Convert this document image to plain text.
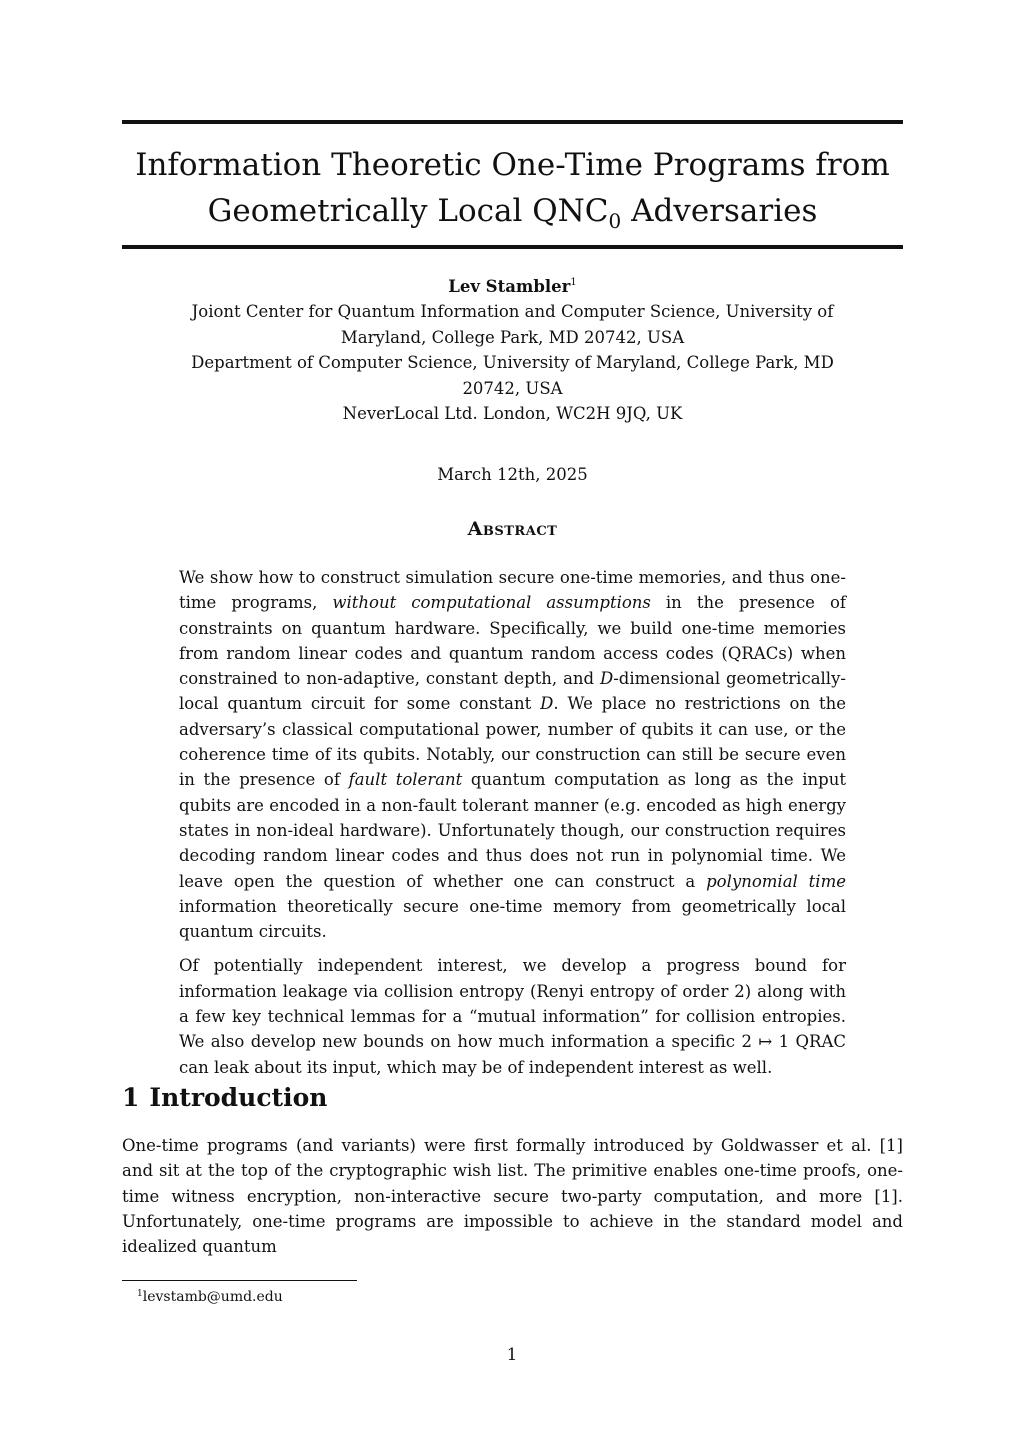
Information Theoretic One-Time Programs from
Geometrically Local $QNC_0$ Adversaries
Lev Stambler$^1$
Joiont Center for Quantum Information and Computer Science, University of Maryland, College Park, MD 20742, USA
Department of Computer Science, University of Maryland, College Park, MD 20742, USA
NeverLocal Ltd. London, WC2H 9JQ, UK
March 12th, 2025
Abstract

We show how to construct simulation secure one-time memories, and thus one-time programs, without computational assumptions in the presence of constraints on quantum hardware. Specifically, we build one-time memories from random linear codes and quantum random access codes (QRACs) when constrained to non-adaptive, constant depth, and D-dimensional geometrically-local quantum circuit for some constant D. We place no restrictions on the adversary’s classical computational power, number of qubits it can use, or the coherence time of its qubits. Notably, our construction can still be secure even in the presence of fault tolerant quantum computation as long as the input qubits are encoded in a non-fault tolerant manner (e.g. encoded as high energy states in non-ideal hardware). Unfortunately though, our construction requires decoding random linear codes and thus does not run in polynomial time. We leave open the question of whether one can construct a polynomial time information theoretically secure one-time memory from geometrically local quantum circuits.

Of potentially independent interest, we develop a progress bound for information leakage via collision entropy (Renyi entropy of order 2) along with a few key technical lemmas for a “mutual information” for collision entropies. We also develop new bounds on how much information a specific 2 ↦ 1 QRAC can leak about its input, which may be of independent interest as well.

1 Introduction

One-time programs (and variants) were first formally introduced by Goldwasser et al. [1] and sit at the top of the cryptographic wish list. The primitive enables one-time proofs, one-time witness encryption, non-interactive secure two-party computation, and more [1]. Unfortunately, one-time programs are impossible to achieve in the standard model and idealized quantum

$^1$levstamb@umd.edu
1
